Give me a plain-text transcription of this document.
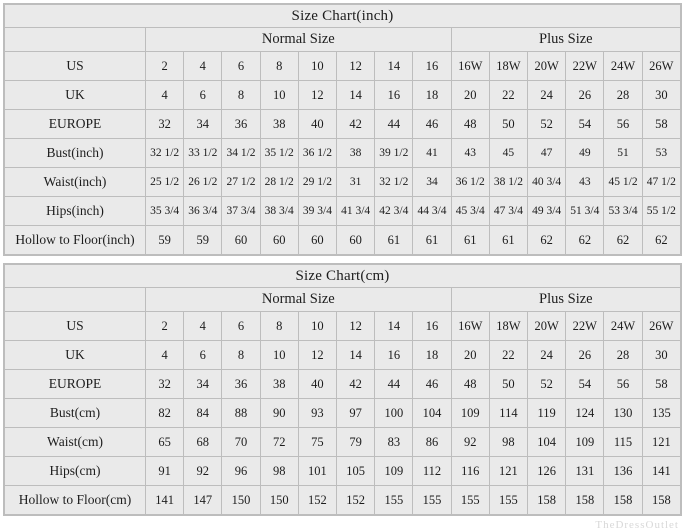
Size Chart(inch)														
	Normal Size								Plus Size					
US	2	4	6	8	10	12	14	16	16W	18W	20W	22W	24W	26W
UK	4	6	8	10	12	14	16	18	20	22	24	26	28	30
EUROPE	32	34	36	38	40	42	44	46	48	50	52	54	56	58
Bust(inch)	32 1/2	33 1/2	34 1/2	35 1/2	36 1/2	38	39 1/2	41	43	45	47	49	51	53
Waist(inch)	25 1/2	26 1/2	27 1/2	28 1/2	29 1/2	31	32 1/2	34	36 1/2	38 1/2	40 3/4	43	45 1/2	47 1/2
Hips(inch)	35 3/4	36 3/4	37 3/4	38 3/4	39 3/4	41 3/4	42 3/4	44 3/4	45 3/4	47 3/4	49 3/4	51 3/4	53 3/4	55 1/2
Hollow to Floor(inch)	59	59	60	60	60	60	61	61	61	61	62	62	62	62
Size Chart(cm)														
	Normal Size								Plus Size					
US	2	4	6	8	10	12	14	16	16W	18W	20W	22W	24W	26W
UK	4	6	8	10	12	14	16	18	20	22	24	26	28	30
EUROPE	32	34	36	38	40	42	44	46	48	50	52	54	56	58
Bust(cm)	82	84	88	90	93	97	100	104	109	114	119	124	130	135
Waist(cm)	65	68	70	72	75	79	83	86	92	98	104	109	115	121
Hips(cm)	91	92	96	98	101	105	109	112	116	121	126	131	136	141
Hollow to Floor(cm)	141	147	150	150	152	152	155	155	155	155	158	158	158	158
TheDressOutlet
